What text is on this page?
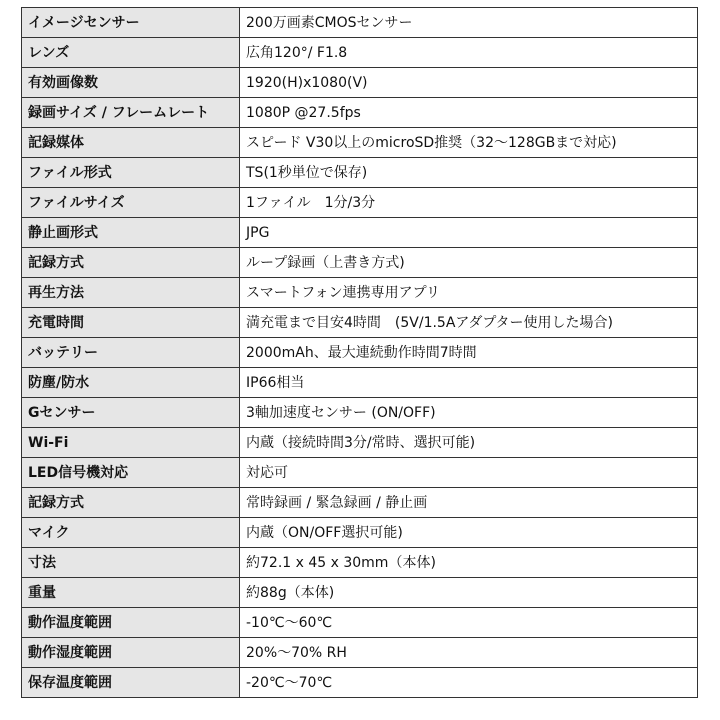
イメージセンサー	200万画素CMOSセンサー
レンズ	広角120°/ F1.8
有効画像数	1920(H)x1080(V)
録画サイズ / フレームレート	1080P @27.5fps
記録媒体	スピード V30以上のmicroSD推奨（32～128GBまで対応)
ファイル形式	TS(1秒単位で保存)
ファイルサイズ	1ファイル　1分/3分
静止画形式	JPG
記録方式	ループ録画（上書き方式)
再生方法	スマートフォン連携専用アプリ
充電時間	満充電まで目安4時間　(5V/1.5Aアダプター使用した場合)
バッテリー	2000mAh、最大連続動作時間7時間
防塵/防水	IP66相当
Gセンサー	3軸加速度センサー (ON/OFF)
Wi-Fi	内蔵（接続時間3分/常時、選択可能)
LED信号機対応	対応可
記録方式	常時録画 / 緊急録画 / 静止画
マイク	内蔵（ON/OFF選択可能)
寸法	約72.1 x 45 x 30mm（本体)
重量	約88g（本体)
動作温度範囲	-10℃～60℃
動作湿度範囲	20%～70% RH
保存温度範囲	-20℃～70℃
